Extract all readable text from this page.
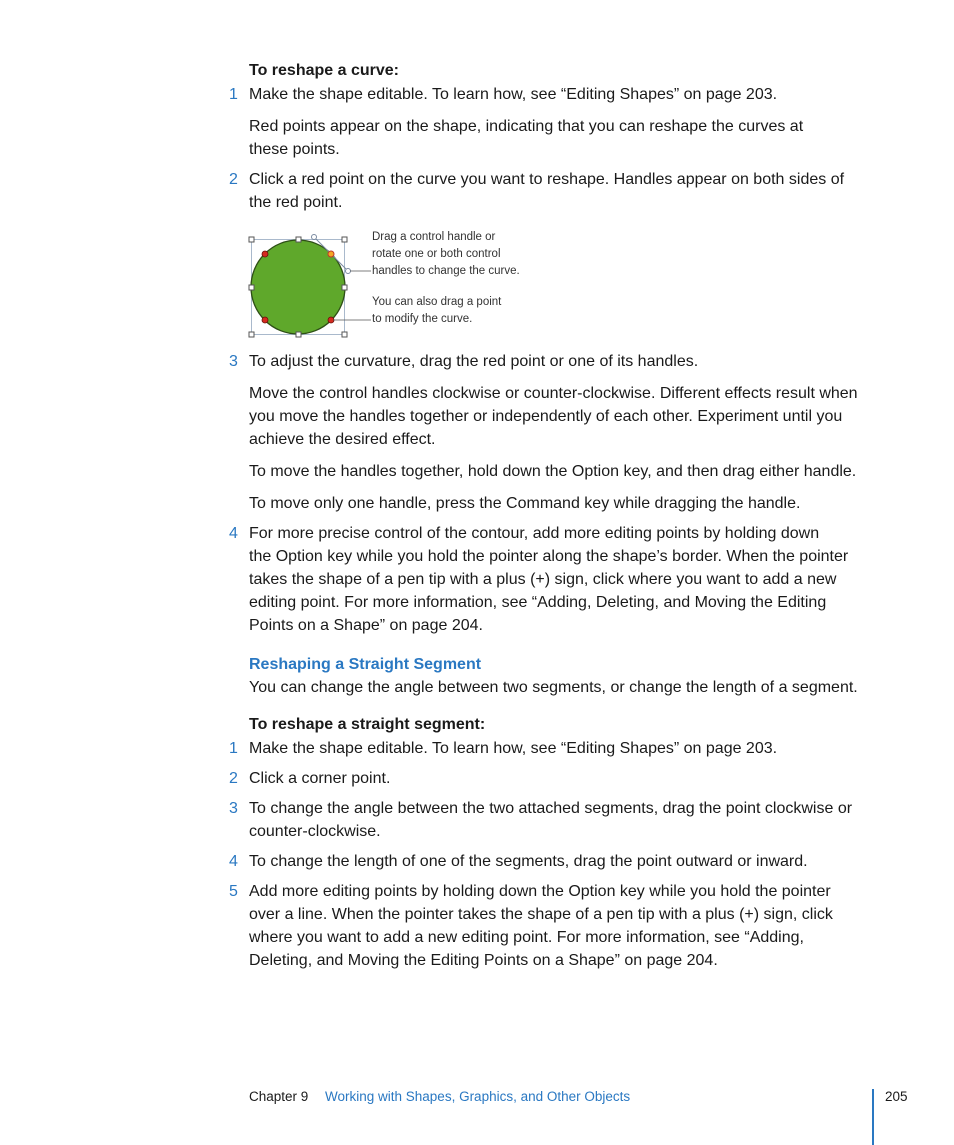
To reshape a curve:
1 Make the shape editable. To learn how, see “Editing Shapes” on page 203.
Red points appear on the shape, indicating that you can reshape the curves at
these points.
2 Click a red point on the curve you want to reshape. Handles appear on both sides of
the red point.
Drag a control handle or
rotate one or both control
handles to change the curve.
You can also drag a point
to modify the curve.
3 To adjust the curvature, drag the red point or one of its handles.
Move the control handles clockwise or counter-clockwise. Different effects result when
you move the handles together or independently of each other. Experiment until you
achieve the desired effect.
To move the handles together, hold down the Option key, and then drag either handle.
To move only one handle, press the Command key while dragging the handle.
4 For more precise control of the contour, add more editing points by holding down
the Option key while you hold the pointer along the shape’s border. When the pointer
takes the shape of a pen tip with a plus (+) sign, click where you want to add a new
editing point. For more information, see “Adding, Deleting, and Moving the Editing
Points on a Shape” on page 204.
Reshaping a Straight Segment
You can change the angle between two segments, or change the length of a segment.
To reshape a straight segment:
1 Make the shape editable. To learn how, see “Editing Shapes” on page 203.
2 Click a corner point.
3 To change the angle between the two attached segments, drag the point clockwise or
counter-clockwise.
4 To change the length of one of the segments, drag the point outward or inward.
5 Add more editing points by holding down the Option key while you hold the pointer
over a line. When the pointer takes the shape of a pen tip with a plus (+) sign, click
where you want to add a new editing point. For more information, see “Adding,
Deleting, and Moving the Editing Points on a Shape” on page 204.
Chapter 9 Working with Shapes, Graphics, and Other Objects	205
